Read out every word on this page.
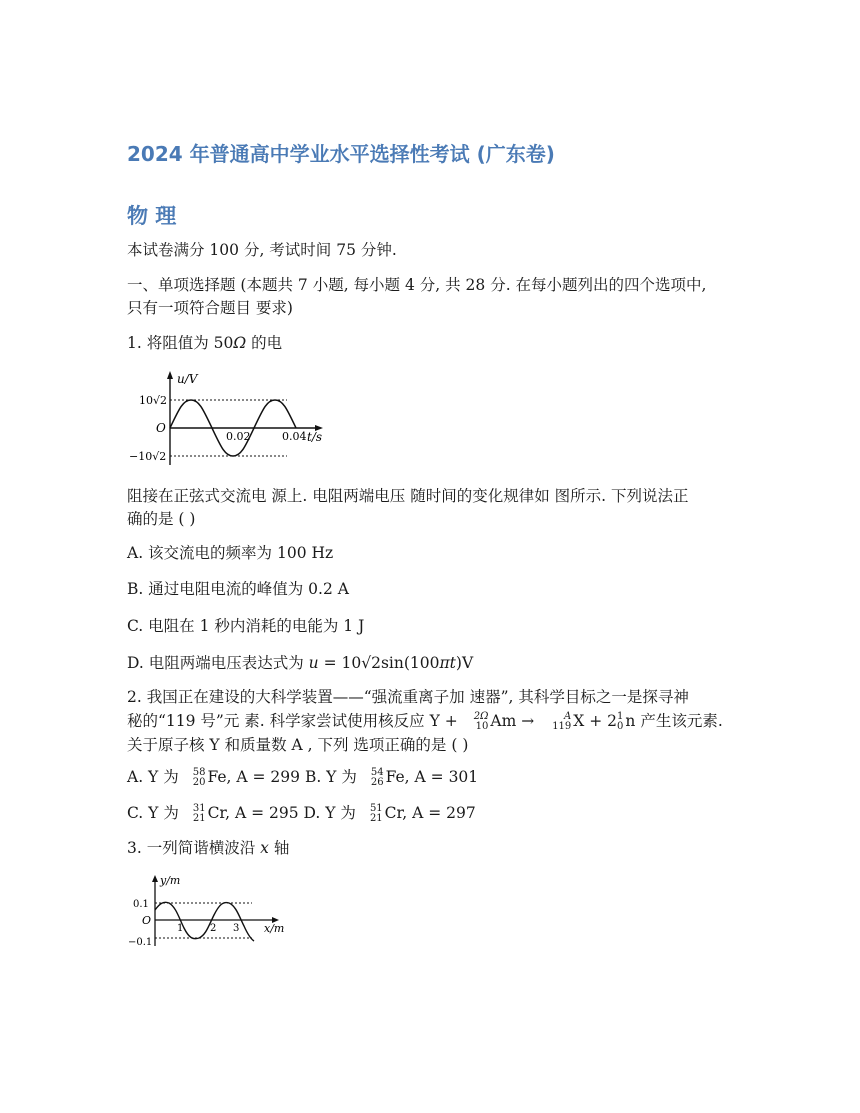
2024 年普通高中学业水平选择性考试 (广东卷)
物 理
本试卷满分 100 分, 考试时间 75 分钟.
一、单项选择题 (本题共 7 小题, 每小题 4 分, 共 28 分. 在每小题列出的四个选项中,
只有一项符合题目 要求)
1. 将阻值为 50Ω 的电
u/V
10√2
O
−10√2
0.02	0.04 t/s
阻接在正弦式交流电 源上. 电阻两端电压 随时间的变化规律如 图所示. 下列说法正
确的是 ( )
A. 该交流电的频率为 100 Hz
B. 通过电阻电流的峰值为 0.2 A
C. 电阻在 1 秒内消耗的电能为 1 J
D. 电阻两端电压表达式为 u = 10√2sin(100πt)V
2. 我国正在建设的大科学装置——“强流重离子加 速器”, 其科学目标之一是探寻神
秘的“119 号”元 素. 科学家尝试使用核反应 Y + 2Ω
10 Am →	A
119 X + 2 1
0 n 产生该元素.
关于原子核 Y 和质量数 A , 下列 选项正确的是 ( )
A. Y 为 58
20 Fe, A = 299 B. Y 为 54
26 Fe, A = 301
C. Y 为 31
21 Cr, A = 295 D. Y 为 51
21 Cr, A = 297
3. 一列简谐横波沿 x 轴
y/m
0.1
O
−0.1
1	2 3 x/m
